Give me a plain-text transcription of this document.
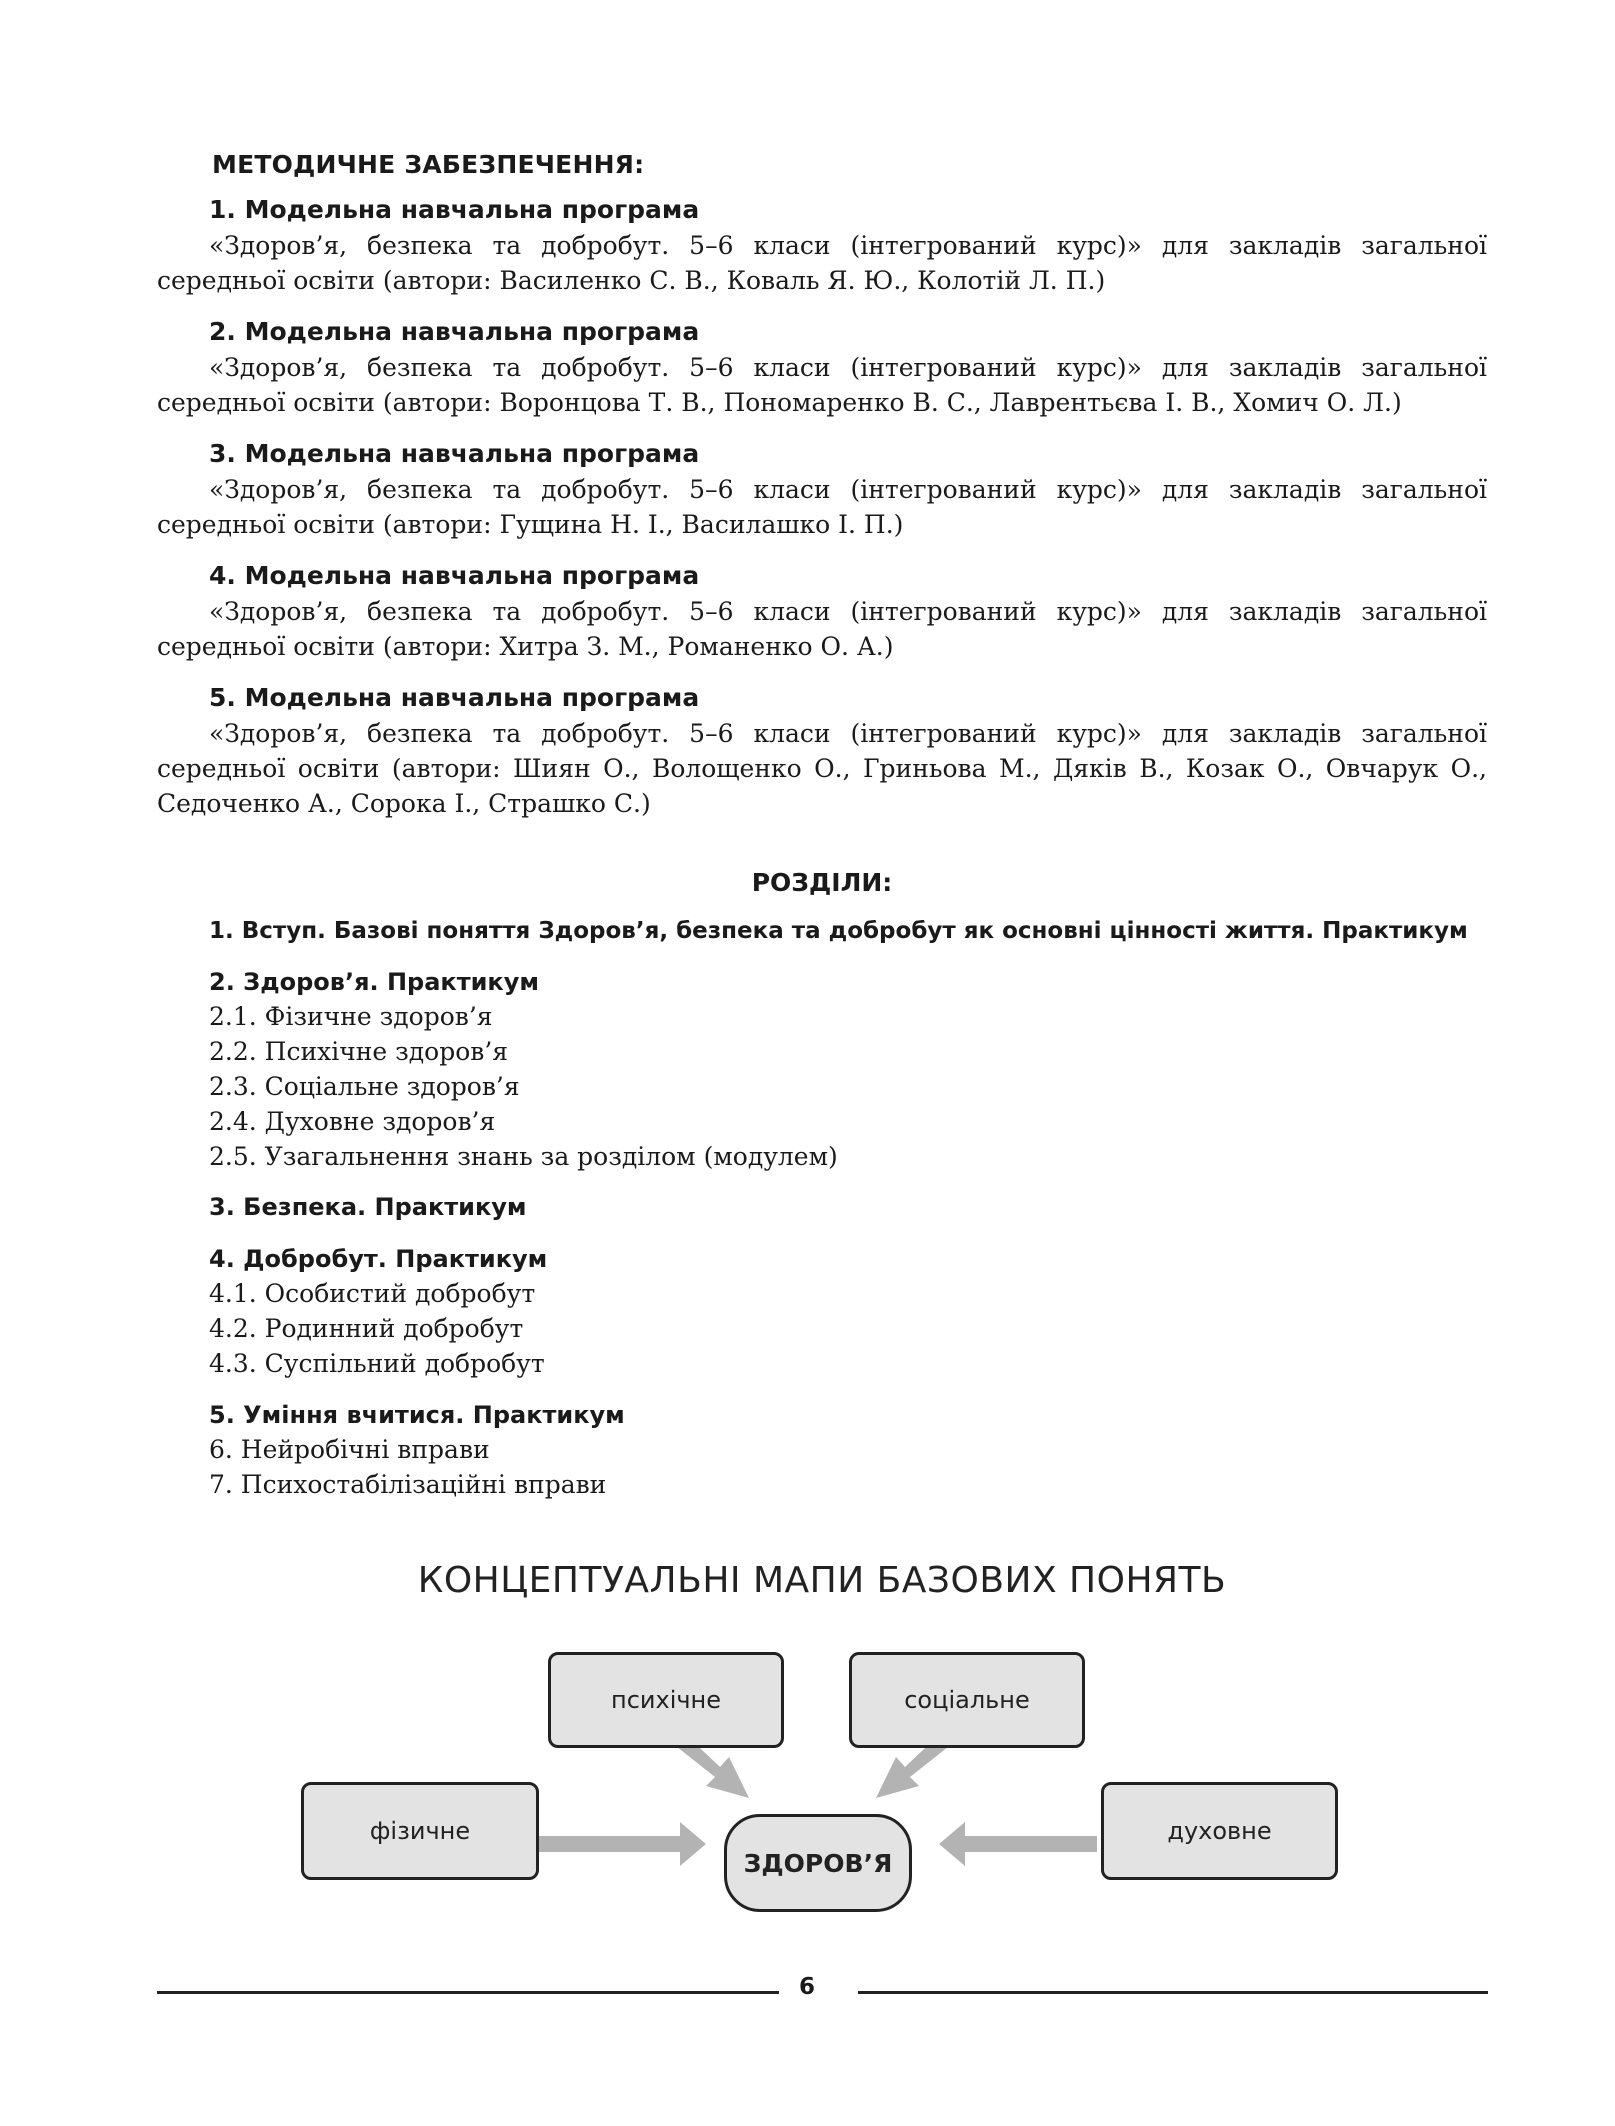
МЕТОДИЧНЕ ЗАБЕЗПЕЧЕННЯ:
1. Модельна навчальна програма

«Здоров’я, безпека та добробут. 5–6 класи (інтегрований курс)» для закладів загальної середньої освіти (автори: Василенко С. В., Коваль Я. Ю., Колотій Л. П.)

2. Модельна навчальна програма

«Здоров’я, безпека та добробут. 5–6 класи (інтегрований курс)» для закладів загальної середньої освіти (автори: Воронцова Т. В., Пономаренко В. С., Лаврентьєва І. В., Хомич О. Л.)

3. Модельна навчальна програма

«Здоров’я, безпека та добробут. 5–6 класи (інтегрований курс)» для закладів загальної середньої освіти (автори: Гущина Н. І., Василашко І. П.)

4. Модельна навчальна програма

«Здоров’я, безпека та добробут. 5–6 класи (інтегрований курс)» для закладів загальної середньої освіти (автори: Хитра З. М., Романенко О. А.)

5. Модельна навчальна програма

«Здоров’я, безпека та добробут. 5–6 класи (інтегрований курс)» для закладів загальної середньої освіти (автори: Шиян О., Волощенко О., Гриньова М., Дяків В., Козак О., Овчарук О., Седоченко А., Сорока І., Страшко С.)

РОЗДІЛИ:
1. Вступ. Базові поняття Здоров’я, безпека та добробут як основні цінності життя. Практикум
2. Здоров’я. Практикум
2.1. Фізичне здоров’я
2.2. Психічне здоров’я
2.3. Соціальне здоров’я
2.4. Духовне здоров’я
2.5. Узагальнення знань за розділом (модулем)
3. Безпека. Практикум
4. Добробут. Практикум
4.1. Особистий добробут
4.2. Родинний добробут
4.3. Суспільний добробут
5. Уміння вчитися. Практикум
6. Нейробічні вправи
7. Психостабілізаційні вправи
КОНЦЕПТУАЛЬНІ МАПИ БАЗОВИХ ПОНЯТЬ
психічне	соціальне
фізичне	духовне
ЗДОРОВ’Я
6
